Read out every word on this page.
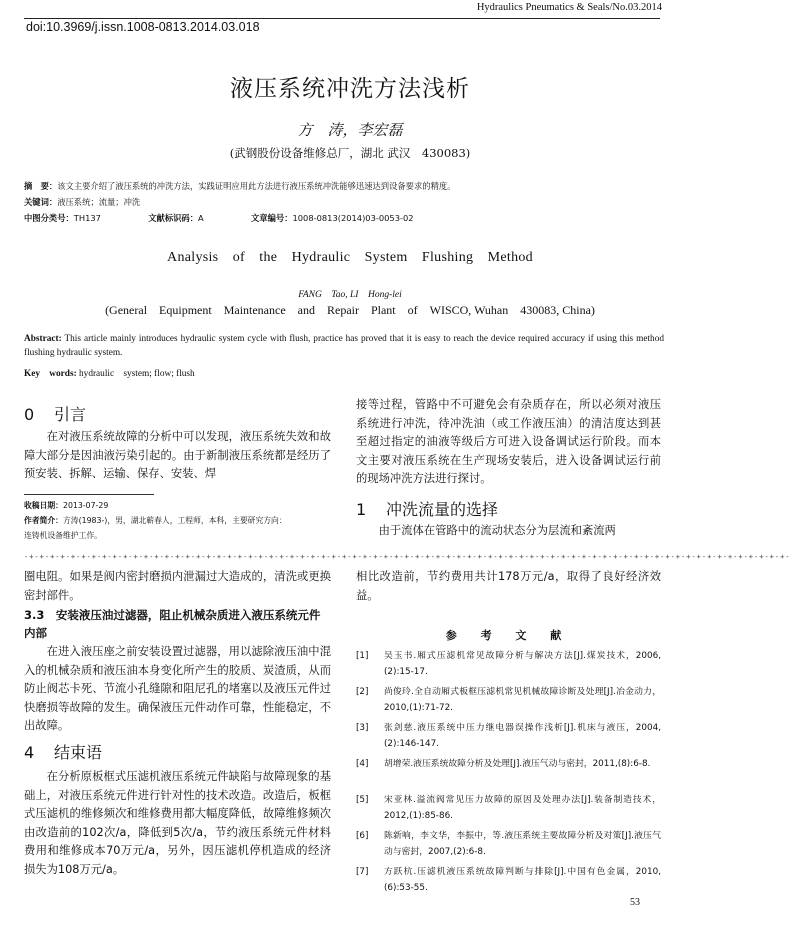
Hydraulics Pneumatics & Seals/No.03.2014
doi:10.3969/j.issn.1008-0813.2014.03.018
液压系统冲洗方法浅析
方　涛，李宏磊
(武钢股份设备维修总厂，湖北 武汉　430083)
摘　要：该文主要介绍了液压系统的冲洗方法，实践证明应用此方法进行液压系统冲洗能够迅速达到设备要求的精度。
关键词：液压系统；流量；冲洗
中图分类号：TH137	文献标识码：A	文章编号：1008-0813(2014)03-0053-02
Analysis　of　the　Hydraulic　System　Flushing　Method
FANG　Tao, LI　Hong-lei
(General　Equipment　Maintenance　and　Repair　Plant　of　WISCO, Wuhan　430083, China)
Abstract: This article mainly introduces hydraulic system cycle with flush, practice has proved that it is easy to reach the device required accuracy if using this method flushing hydraulic system.
Key　words: hydraulic　system; flow; flush
0 引言
在对液压系统故障的分析中可以发现，液压系统失效和故障大部分是因油液污染引起的。由于新制液压系统都是经历了预安装、拆解、运输、保存、安装、焊
收稿日期：2013-07-29
作者简介：方涛(1983-)，男，湖北蕲春人，工程师，本科，主要研究方向：
连铸机设备维护工作。
接等过程，管路中不可避免会有杂质存在，所以必须对液压系统进行冲洗，待冲洗油（或工作液压油）的清洁度达到甚至超过指定的油液等级后方可进入设备调试运行阶段。而本文主要对液压系统在生产现场安装后，进入设备调试运行前的现场冲洗方法进行探讨。
1 冲洗流量的选择
由于流体在管路中的流动状态分为层流和紊流两
-+-+-+-+-+-+-+-+-+-+-+-+-+-+-+-+-+-+-+-+-+-+-+-+-+-+-+-+-+-+-+-+-+-+-+-+-+-+-+-+-+-+-+-+-+-+-+-+-+-+-+-+-+-+-+-+-+-+-+-+-+-+-+-+-+-+-+-+-+-+-+-+-+-
圈电阻。如果是阀内密封磨损内泄漏过大造成的，清洗或更换密封部件。
3.3　安装液压油过滤器，阻止机械杂质进入液压系统元件内部
在进入液压座之前安装设置过滤器，用以滤除液压油中混入的机械杂质和液压油本身变化所产生的胶质、炭渣质，从而防止阀芯卡死、节流小孔缝隙和阻尼孔的堵塞以及液压元件过快磨损等故障的发生。确保液压元件动作可靠，性能稳定，不出故障。
4 结束语
在分析原板框式压滤机液压系统元件缺陷与故障现象的基础上，对液压系统元件进行针对性的技术改造。改造后，板框式压滤机的维修频次和维修费用都大幅度降低，故障维修频次由改造前的102次/a，降低到5次/a，节约液压系统元件材料费用和维修成本70万元/a，另外，因压滤机停机造成的经济损失为108万元/a。
相比改造前，节约费用共计178万元/a，取得了良好经济效益。
参 考 文 献
[1] 吴玉书.厢式压滤机常见故障分析与解决方法[J].煤炭技术，2006,(2):15-17.
[2] 尚俊玲.全自动厢式板框压滤机常见机械故障诊断及处理[J].冶金动力，2010,(1):71-72.
[3] 张剑慈.液压系统中压力继电器误操作浅析[J].机床与液压，2004,(2):146-147.
[4] 胡增荣.液压系统故障分析及处理[J].液压气动与密封，2011,(8):6-8.
[5] 宋亚林.溢流阀常见压力故障的原因及处理办法[J].装备制造技术，2012,(1):85-86.
[6] 陈新响，李文华，李振中，等.液压系统主要故障分析及对策[J].液压气动与密封，2007,(2):6-8.
[7] 方跃杭.压滤机液压系统故障判断与排除[J].中国有色金属，2010,(6):53-55.
53
